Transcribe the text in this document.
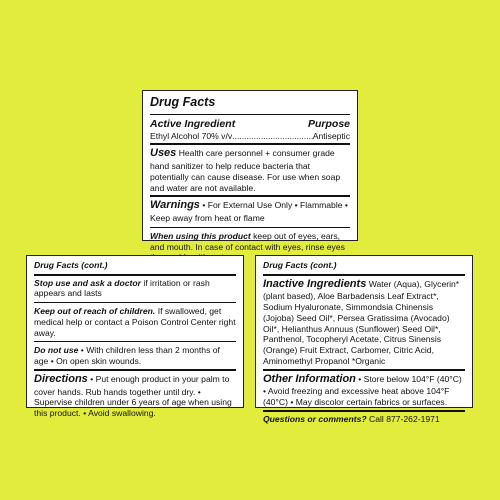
Drug Facts
Active Ingredient	Purpose
Ethyl Alcohol 70% v/v
.....	Antiseptic

Uses Health care personnel + consumer grade hand sanitizer to help reduce bacteria that potentially can cause disease. For use when soap and water are not available.

Warnings • For External Use Only • Flammable • Keep away from heat or flame

When using this product keep out of eyes, ears, and mouth. In case of contact with eyes, rinse eyes

Drug Facts (cont.)

Stop use and ask a doctor if irritation or rash appears and lasts

Keep out of reach of children. If swallowed, get medical help or contact a Poison Control Center right away.

Do not use • With children less than 2 months of age • On open skin wounds.

Directions • Put enough product in your palm to cover hands. Rub hands together until dry. • Supervise children under 6 years of age when using this product. • Avoid swallowing.

Drug Facts (cont.)

Inactive Ingredients Water (Aqua), Glycerin* (plant based), Aloe Barbadensis Leaf Extract*, Sodium Hyaluronate, Simmondsia Chinensis (Jojoba) Seed Oil*, Persea Gratissima (Avocado) Oil*, Helianthus Annuus (Sunflower) Seed Oil*, Panthenol, Tocopheryl Acetate, Citrus Sinensis (Orange) Fruit Extract, Carbomer, Citric Acid, Aminomethyl Propanol *Organic

Other Information • Store below 104°F (40°C) • Avoid freezing and excessive heat above 104°F (40°C) • May discolor certain fabrics or surfaces.

Questions or comments? Call 877-262-1971
